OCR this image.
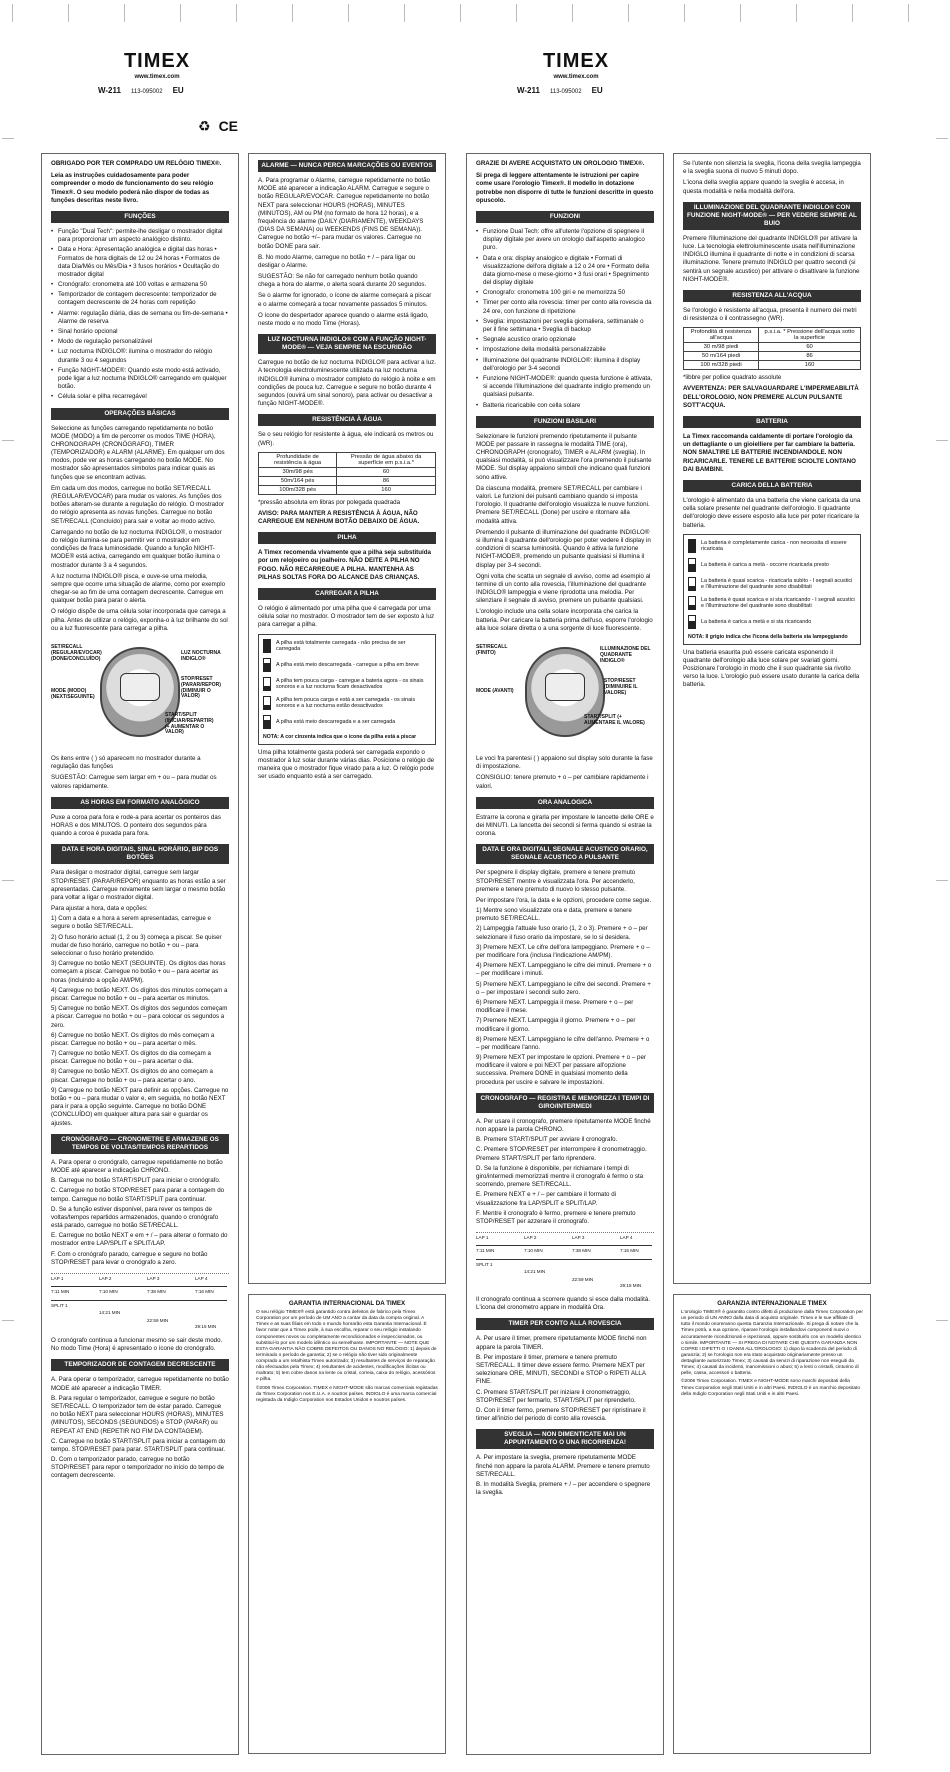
TIMEX
www.timex.com
W-211 113-095002 EU
♻ CE
TIMEX
www.timex.com
W-211 113-095002 EU

OBRIGADO POR TER COMPRADO UM RELÓGIO TIMEX®.

Leia as instruções cuidadosamente para poder compreender o modo de funcionamento do seu relógio Timex®. O seu modelo poderá não dispor de todas as funções descritas neste livro.

FUNÇÕES
• Função "Dual Tech": permite-lhe desligar o mostrador digital para proporcionar um aspecto analógico distinto.
• Data e Hora: Apresentação analógica e digital das horas • Formatos de hora digitais de 12 ou 24 horas • Formatos de data Dia/Mês ou Mês/Dia • 3 fusos horários • Ocultação do mostrador digital
• Cronógrafo: cronometra até 100 voltas e armazena 50
• Temporizador de contagem decrescente: temporizador de contagem decrescente de 24 horas com repetição
• Alarme: regulação diária, dias de semana ou fim-de-semana • Alarme de reserva
• Sinal horário opcional
• Modo de regulação personalizável
• Luz nocturna INDIGLO®: ilumina o mostrador do relógio durante 3 ou 4 segundos
• Função NIGHT-MODE®: Quando este modo está activado, pode ligar a luz nocturna INDIGLO® carregando em qualquer botão.
• Célula solar e pilha recarregável
OPERAÇÕES BÁSICAS

Seleccione as funções carregando repetidamente no botão MODE (MODO) a fim de percorrer os modos TIME (HORA), CHRONOGRAPH (CRONÓGRAFO), TIMER (TEMPORIZADOR) e ALARM (ALARME). Em qualquer um dos modos, pode ver as horas carregando no botão MODE. No mostrador são apresentados símbolos para indicar quais as funções que se encontram activas.

Em cada um dos modos, carregue no botão SET/RECALL (REGULAR/EVOCAR) para mudar os valores. As funções dos botões alteram-se durante a regulação do relógio. O mostrador do relógio apresenta as novas funções. Carregue no botão SET/RECALL (Concluído) para sair e voltar ao modo activo.

Carregando no botão de luz nocturna INDIGLO®, o mostrador do relógio ilumina-se para permitir ver o mostrador em condições de fraca luminosidade. Quando a função NIGHT-MODE® está activa, carregando em qualquer botão ilumina o mostrador durante 3 a 4 segundos.

A luz nocturna INDIGLO® pisca, e ouve-se uma melodia, sempre que ocorre uma situação de alarme, como por exemplo chegar-se ao fim de uma contagem decrescente. Carregue em qualquer botão para parar o alerta.

O relógio dispõe de uma célula solar incorporada que carrega a pilha. Antes de utilizar o relógio, exponha-o à luz brilhante do sol ou a luz fluorescente para carregar a pilha.

SET/RECALL (REGULAR/EVOCAR) (DONE/CONCLUÍDO)
LUZ NOCTURNA INDIGLO®
STOP/RESET (PARAR/REPOR) (DIMINUIR O VALOR)
MODE (MODO) (NEXT/SEGUINTE)
START/SPLIT (INICIAR/REPARTIR) (+ AUMENTAR O VALOR)

Os itens entre ( ) só aparecem no mostrador durante a regulação das funções

SUGESTÃO: Carregue sem largar em + ou – para mudar os valores rapidamente.

AS HORAS EM FORMATO ANALÓGICO

Puxe a coroa para fora e rode-a para acertar os ponteiros das HORAS e dos MINUTOS. O ponteiro dos segundos pára quando a coroa é puxada para fora.

DATA E HORA DIGITAIS, SINAL HORÁRIO, BIP DOS BOTÕES

Para desligar o mostrador digital, carregue sem largar STOP/RESET (PARAR/REPOR) enquanto as horas estão a ser apresentadas. Carregue novamente sem largar o mesmo botão para voltar a ligar o mostrador digital.

Para ajustar a hora, data e opções:
1) Com a data e a hora a serem apresentadas, carregue e segure o botão SET/RECALL.
2) O fuso horário actual (1, 2 ou 3) começa a piscar. Se quiser mudar de fuso horário, carregue no botão + ou – para seleccionar o fuso horário pretendido.
3) Carregue no botão NEXT (SEGUINTE). Os dígitos das horas começam a piscar. Carregue no botão + ou – para acertar as horas (incluindo a opção AM/PM).
4) Carregue no botão NEXT. Os dígitos dos minutos começam a piscar. Carregue no botão + ou – para acertar os minutos.
5) Carregue no botão NEXT. Os dígitos dos segundos começam a piscar. Carregue no botão + ou – para colocar os segundos a zero.
6) Carregue no botão NEXT. Os dígitos do mês começam a piscar. Carregue no botão + ou – para acertar o mês.
7) Carregue no botão NEXT. Os dígitos do dia começam a piscar. Carregue no botão + ou – para acertar o dia.
8) Carregue no botão NEXT. Os dígitos do ano começam a piscar. Carregue no botão + ou – para acertar o ano.
9) Carregue no botão NEXT para definir as opções. Carregue no botão + ou – para mudar o valor e, em seguida, no botão NEXT para ir para a opção seguinte. Carregue no botão DONE (CONCLUÍDO) em qualquer altura para sair e guardar os ajustes.
CRONÓGRAFO — CRONOMETRE E ARMAZENE OS TEMPOS DE VOLTAS/TEMPOS REPARTIDOS
A. Para operar o cronógrafo, carregue repetidamente no botão MODE até aparecer a indicação CHRONO.
B. Carregue no botão START/SPLIT para iniciar o cronógrafo.
C. Carregue no botão STOP/RESET para parar a contagem do tempo. Carregue no botão START/SPLIT para continuar.
D. Se a função estiver disponível, para rever os tempos de voltas/tempos repartidos armazenados, quando o cronógrafo está parado, carregue no botão SET/RECALL.
E. Carregue no botão NEXT e em + / – para alterar o formato do mostrador entre LAP/SPLIT e SPLIT/LAP.
F. Com o cronógrafo parado, carregue e segure no botão STOP/RESET para levar o cronógrafo a zero.
LAP 1	LAP 2	LAP 3	LAP 4
7:11 MIN	7:10 MIN	7:38 MIN	7:16 MIN
SPLIT 1
14:21 MIN
22:59 MIN
29:15 MIN

O cronógrafo continua a funcionar mesmo se sair deste modo. No modo Time (Hora) é apresentado o ícone do cronógrafo.

TEMPORIZADOR DE CONTAGEM DECRESCENTE
A. Para operar o temporizador, carregue repetidamente no botão MODE até aparecer a indicação TIMER.
B. Para regular o temporizador, carregue e segure no botão SET/RECALL. O temporizador tem de estar parado. Carregue no botão NEXT para seleccionar HOURS (HORAS), MINUTES (MINUTOS), SECONDS (SEGUNDOS) e STOP (PARAR) ou REPEAT AT END (REPETIR NO FIM DA CONTAGEM).
C. Carregue no botão START/SPLIT para iniciar a contagem do tempo. STOP/RESET para parar. START/SPLIT para continuar.
D. Com o temporizador parado, carregue no botão STOP/RESET para repor o temporizador no início do tempo de contagem decrescente.
ALARME — NUNCA PERCA MARCAÇÕES OU EVENTOS

A. Para programar o Alarme, carregue repetidamente no botão MODE até aparecer a indicação ALARM. Carregue e segure o botão REGULAR/EVOCAR. Carregue repetidamente no botão NEXT para seleccionar HOURS (HORAS), MINUTES (MINUTOS), AM ou PM (no formato de hora 12 horas), e a frequência do alarme (DAILY (DIARIAMENTE), WEEKDAYS (DIAS DA SEMANA) ou WEEKENDS (FINS DE SEMANA)). Carregue no botão +/– para mudar os valores. Carregue no botão DONE para sair.

B. No modo Alarme, carregue no botão + / – para ligar ou desligar o Alarme.

SUGESTÃO: Se não for carregado nenhum botão quando chega a hora do alarme, o alerta soará durante 20 segundos.

Se o alarme for ignorado, o ícone de alarme começará a piscar e o alarme começará a tocar novamente passados 5 minutos.

O ícone do despertador aparece quando o alarme está ligado, neste modo e no modo Time (Horas).

LUZ NOCTURNA INDIGLO® COM A FUNÇÃO NIGHT-MODE® — VEJA SEMPRE NA ESCURIDÃO

Carregue no botão de luz nocturna INDIGLO® para activar a luz. A tecnologia electroluminescente utilizada na luz nocturna INDIGLO® ilumina o mostrador completo do relógio à noite e em condições de pouca luz. Carregue e segure no botão durante 4 segundos (ouvirá um sinal sonoro), para activar ou desactivar a função NIGHT-MODE®.

RESISTÊNCIA À ÁGUA

Se o seu relógio for resistente à água, ele indicará os metros ou (WR).

Profundidade de resistência à água	Pressão de água abaixo da superfície em p.s.i.a.*
30m/98 pés	60
50m/164 pés	86
100m/328 pés	160

*pressão absoluta em libras por polegada quadrada

AVISO: PARA MANTER A RESISTÊNCIA À ÁGUA, NÃO CARREGUE EM NENHUM BOTÃO DEBAIXO DE ÁGUA.

PILHA

A Timex recomenda vivamente que a pilha seja substituída por um relojoeiro ou joalheiro. NÃO DEITE A PILHA NO FOGO. NÃO RECARREGUE A PILHA. MANTENHA AS PILHAS SOLTAS FORA DO ALCANCE DAS CRIANÇAS.

CARREGAR A PILHA

O relógio é alimentado por uma pilha que é carregada por uma célula solar no mostrador. O mostrador tem de ser exposto à luz para carregar a pilha.

A pilha está totalmente carregada - não precisa de ser carregada
A pilha está meio descarregada - carregue a pilha em breve
A pilha tem pouca carga - carregue a bateria agora - os sinais sonoros e a luz nocturna ficam desactivados
A pilha tem pouca carga e está a ser carregada - os sinais sonoros e a luz nocturna estão desactivados
A pilha está meio descarregada e a ser carregada
NOTA: A cor cinzenta indica que o ícone da pilha está a piscar

Uma pilha totalmente gasta poderá ser carregada expondo o mostrador à luz solar durante várias dias. Posicione o relógio de maneira que o mostrador fique virado para a luz. O relógio pode ser usado enquanto está a ser carregado.

GARANTIA INTERNACIONAL DA TIMEX

O seu relógio TIMEX® está garantido contra defeitos de fabrico pela Timex Corporation por um período de UM ANO a contar da data da compra original. A Timex e as suas filiais em todo o mundo honrarão esta Garantia Internacional. É favor notar que a Timex pode, à sua escolha, reparar o seu relógio instalando componentes novos ou completamente recondicionados e inspeccionados, ou substituí-lo por um modelo idêntico ou semelhante. IMPORTANTE — NOTE QUE ESTA GARANTIA NÃO COBRE DEFEITOS OU DANOS NO RELÓGIO: 1) depois de terminado o período de garantia; 2) se o relógio não tiver sido originalmente comprado a um retalhista Timex autorizado; 3) resultantes de serviços de reparação não efectuados pela Timex; 4) resultantes de acidentes, modificações ilícitas ou maltrato; 5) tem cobre danos na lente ou cristal, correia, caixa do relógio, acessórios e pilha.

©2006 Timex Corporation. TIMEX e NIGHT-MODE são marcas comerciais registadas da Timex Corporation nos E.U.A. e noutros países. INDIGLO é uma marca comercial registada da Indiglo Corporation nos Estados Unidos e noutros países.

GRAZIE DI AVERE ACQUISTATO UN OROLOGIO TIMEX®.

Si prega di leggere attentamente le istruzioni per capire come usare l'orologio Timex®. Il modello in dotazione potrebbe non disporre di tutte le funzioni descritte in questo opuscolo.

FUNZIONI
• Funzione Dual Tech: offre all'utente l'opzione di spegnere il display digitale per avere un orologio dall'aspetto analogico puro.
• Data e ora: display analogico e digitale • Formati di visualizzazione dell'ora digitale a 12 o 24 ore • Formato della data giorno-mese o mese-giorno • 3 fusi orari • Spegnimento del display digitale
• Cronografo: cronometra 100 giri e ne memorizza 50
• Timer per conto alla rovescia: timer per conto alla rovescia da 24 ore, con funzione di ripetizione
• Sveglia: impostazioni per sveglia giornaliera, settimanale o per il fine settimana • Sveglia di backup
• Segnale acustico orario opzionale
• Impostazione della modalità personalizzabile
• Illuminazione del quadrante INDIGLO®: illumina il display dell'orologio per 3-4 secondi
• Funzione NIGHT-MODE®: quando questa funzione è attivata, si accende l'illuminazione del quadrante indiglo premendo un qualsiasi pulsante.
• Batteria ricaricabile con cella solare
FUNZIONI BASILARI

Selezionare le funzioni premendo ripetutamente il pulsante MODE per passare in rassegna le modalità TIME (ora), CHRONOGRAPH (cronografo), TIMER e ALARM (sveglia). In qualsiasi modalità, si può visualizzare l'ora premendo il pulsante MODE. Sul display appaiono simboli che indicano quali funzioni sono attive.

Da ciascuna modalità, premere SET/RECALL per cambiare i valori. Le funzioni dei pulsanti cambiano quando si imposta l'orologio. Il quadrante dell'orologio visualizza le nuove funzioni. Premere SET/RECALL (Done) per uscire e ritornare alla modalità attiva.

Premendo il pulsante di illuminazione del quadrante INDIGLO® si illumina il quadrante dell'orologio per poter vedere il display in condizioni di scarsa luminosità. Quando è attiva la funzione NIGHT-MODE®, premendo un pulsante qualsiasi si illumina il display per 3-4 secondi.

Ogni volta che scatta un segnale di avviso, come ad esempio al termine di un conto alla rovescia, l'illuminazione del quadrante INDIGLO® lampeggia e viene riprodotta una melodia. Per silenziare il segnale di avviso, premere un pulsante qualsiasi.

L'orologio include una cella solare incorporata che carica la batteria. Per caricare la batteria prima dell'uso, esporre l'orologio alla luce solare diretta o a una sorgente di luce fluorescente.

SET/RECALL (FINITO)
ILLUMINAZIONE DEL QUADRANTE INDIGLO®
STOP/RESET (DIMINUIRE IL VALORE)
MODE (AVANTI)
START/SPLIT (+ AUMENTARE IL VALORE)

Le voci fra parentesi ( ) appaiono sul display solo durante la fase di impostazione.

CONSIGLIO: tenere premuto + o – per cambiare rapidamente i valori.

ORA ANALOGICA

Estrarre la corona e girarla per impostare le lancette delle ORE e dei MINUTI. La lancetta dei secondi si ferma quando si estrae la corona.

DATA E ORA DIGITALI, SEGNALE ACUSTICO ORARIO, SEGNALE ACUSTICO A PULSANTE

Per spegnere il display digitale, premere e tenere premuto STOP/RESET mentre è visualizzata l'ora. Per accenderlo, premere e tenere premuto di nuovo lo stesso pulsante.

Per impostare l'ora, la data e le opzioni, procedere come segue.
1) Mentre sono visualizzate ora e data, premere e tenere premuto SET/RECALL.
2) Lampeggia l'attuale fuso orario (1, 2 o 3). Premere + o – per selezionare il fuso orario da impostare, se lo si desidera.
3) Premere NEXT. Le cifre dell'ora lampeggiano. Premere + o – per modificare l'ora (inclusa l'indicazione AM/PM).
4) Premere NEXT. Lampeggiano le cifre dei minuti. Premere + o – per modificare i minuti.
5) Premere NEXT. Lampeggiano le cifre dei secondi. Premere + o – per impostare i secondi sullo zero.
6) Premere NEXT. Lampeggia il mese. Premere + o – per modificare il mese.
7) Premere NEXT. Lampeggia il giorno. Premere + o – per modificare il giorno.
8) Premere NEXT. Lampeggiano le cifre dell'anno. Premere + o – per modificare l'anno.
9) Premere NEXT per impostare le opzioni. Premere + o – per modificare il valore e poi NEXT per passare all'opzione successiva. Premere DONE in qualsiasi momento della procedura per uscire e salvare le impostazioni.
CRONOGRAFO — REGISTRA E MEMORIZZA I TEMPI DI GIRO/INTERMEDI
A. Per usare il cronografo, premere ripetutamente MODE finché non appare la parola CHRONO.
B. Premere START/SPLIT per avviare il cronografo.
C. Premere STOP/RESET per interrompere il cronometraggio. Premere START/SPLIT per farlo riprendere.
D. Se la funzione è disponibile, per richiamare i tempi di giro/intermedi memorizzati mentre il cronografo è fermo o sta scorrendo, premere SET/RECALL.
E. Premere NEXT e + / – per cambiare il formato di visualizzazione fra LAP/SPLIT e SPLIT/LAP.
F. Mentre il cronografo è fermo, premere e tenere premuto STOP/RESET per azzerare il cronografo.
LAP 1	LAP 2	LAP 3	LAP 4
7:11 MIN	7:10 MIN	7:38 MIN	7:16 MIN
SPLIT 1
14:21 MIN
22:59 MIN
29:15 MIN

Il cronografo continua a scorrere quando si esce dalla modalità. L'icona del cronometro appare in modalità Ora.

TIMER PER CONTO ALLA ROVESCIA
A. Per usare il timer, premere ripetutamente MODE finché non appare la parola TIMER.
B. Per impostare il timer, premere e tenere premuto SET/RECALL. Il timer deve essere fermo. Premere NEXT per selezionare ORE, MINUTI, SECONDI e STOP o RIPETI ALLA FINE.
C. Premere START/SPLIT per iniziare il cronometraggio, STOP/RESET per fermarlo, START/SPLIT per riprenderlo.
D. Con il timer fermo, premere STOP/RESET per ripristinare il timer all'inizio del periodo di conto alla rovescia.
SVEGLIA — NON DIMENTICATE MAI UN APPUNTAMENTO O UNA RICORRENZA!
A. Per impostare la sveglia, premere ripetutamente MODE finché non appare la parola ALARM. Premere e tenere premuto SET/RECALL.
B. In modalità Sveglia, premere + / – per accendere o spegnere la sveglia.

Se l'utente non silenzia la sveglia, l'icona della sveglia lampeggia e la sveglia suona di nuovo 5 minuti dopo.

L'icona della sveglia appare quando la sveglia è accesa, in questa modalità e nella modalità dell'ora.

ILLUMINAZIONE DEL QUADRANTE INDIGLO® CON FUNZIONE NIGHT-MODE® — PER VEDERE SEMPRE AL BUIO

Premere l'illuminazione del quadrante INDIGLO® per attivare la luce. La tecnologia elettroluminescente usata nell'illuminazione INDIGLO illumina il quadrante di notte e in condizioni di scarsa illuminazione. Tenere premuto INDIGLO per quattro secondi (si sentirà un segnale acustico) per attivare o disattivare la funzione NIGHT-MODE®.

RESISTENZA ALL'ACQUA

Se l'orologio è resistente all'acqua, presenta il numero dei metri di resistenza o il contrassegno (WR).

Profondità di resistenza all'acqua	p.s.i.a. * Pressione dell'acqua sotto la superficie
30 m/98 piedi	60
50 m/164 piedi	86
100 m/328 piedi	160

*libbre per pollice quadrato assolute

AVVERTENZA: PER SALVAGUARDARE L'IMPERMEABILITÀ DELL'OROLOGIO, NON PREMERE ALCUN PULSANTE SOTT'ACQUA.

BATTERIA

La Timex raccomanda caldamente di portare l'orologio da un dettagliante o un gioielliere per far cambiare la batteria. NON SMALTIRE LE BATTERIE INCENDIANDOLE. NON RICARICARLE. TENERE LE BATTERIE SCIOLTE LONTANO DAI BAMBINI.

CARICA DELLA BATTERIA

L'orologio è alimentato da una batteria che viene caricata da una cella solare presente nel quadrante dell'orologio. Il quadrante dell'orologio deve essere esposto alla luce per poter ricaricare la batteria.

La batteria è completamente carica - non necessita di essere ricaricata
La batteria è carica a metà - occorre ricaricarla presto
La batteria è quasi scarica - ricaricarla subito - I segnali acustici e l'illuminazione del quadrante sono disabilitati
La batteria è quasi scarica e si sta ricaricando - I segnali acustici e l'illuminazione del quadrante sono disabilitati
La batteria è carica a metà e si sta ricaricando
NOTA: Il grigio indica che l'icona della batteria sta lampeggiando

Una batteria esaurita può essere caricata esponendo il quadrante dell'orologio alla luce solare per svariati giorni. Posizionare l'orologio in modo che il suo quadrante sia rivolto verso la luce. L'orologio può essere usato durante la carica della batteria.

GARANZIA INTERNAZIONALE TIMEX

L'orologio TIMEX® è garantito contro difetti di produzione dalla Timex Corporation per un periodo di UN ANNO dalla data di acquisto originale. Timex e le sue affiliate di tutto il mondo onoreranno questa Garanzia Internazionale. Si prega di notare che la Timex potrà, a sua opzione, riparare l'orologio installandovi componenti nuovi o accuratamente ricondizionati e ispezionati, oppure sostituirlo con un modello identico o simile. IMPORTANTE — SI PREGA DI NOTARE CHE QUESTA GARANZIA NON COPRE I DIFETTI O I DANNI ALL'OROLOGIO: 1) dopo la scadenza del periodo di garanzia; 2) se l'orologio non era stato acquistato originariamente presso un dettagliante autorizzato Timex; 3) causati da servizi di riparazione non eseguiti da Timex; 4) causati da incidenti, manomissioni o abusi; 5) a lenti o cristalli, cinturino di pelle, cassa, accessori o batteria.

©2006 Timex Corporation. TIMEX e NIGHT-MODE sono marchi depositati della Timex Corporation negli Stati Uniti e in altri Paesi. INDIGLO è un marchio depositato della Indiglo Corporation negli Stati Uniti e in altri Paesi.
